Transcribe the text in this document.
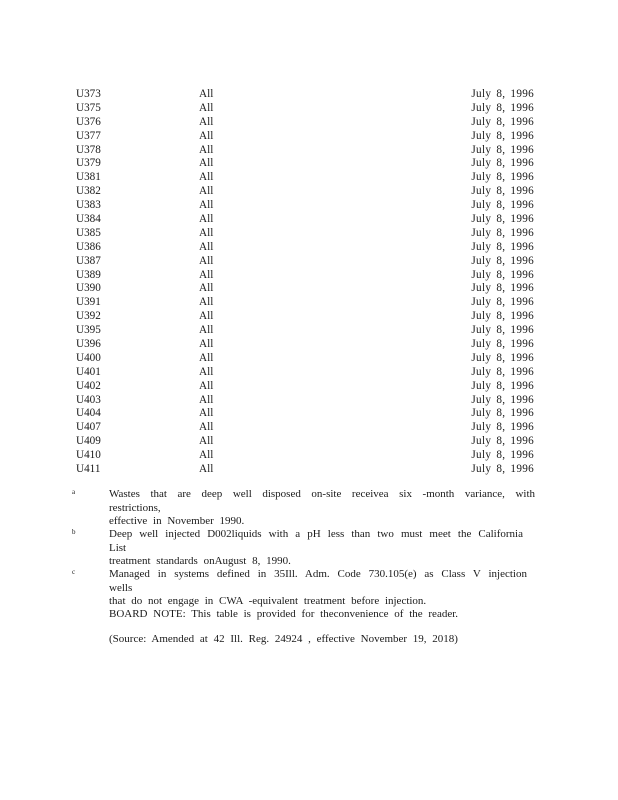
U373	All	July 8, 1996
U375	All	July 8, 1996
U376	All	July 8, 1996
U377	All	July 8, 1996
U378	All	July 8, 1996
U379	All	July 8, 1996
U381	All	July 8, 1996
U382	All	July 8, 1996
U383	All	July 8, 1996
U384	All	July 8, 1996
U385	All	July 8, 1996
U386	All	July 8, 1996
U387	All	July 8, 1996
U389	All	July 8, 1996
U390	All	July 8, 1996
U391	All	July 8, 1996
U392	All	July 8, 1996
U395	All	July 8, 1996
U396	All	July 8, 1996
U400	All	July 8, 1996
U401	All	July 8, 1996
U402	All	July 8, 1996
U403	All	July 8, 1996
U404	All	July 8, 1996
U407	All	July 8, 1996
U409	All	July 8, 1996
U410	All	July 8, 1996
U411	All	July 8, 1996
a	Wastes that are deep well disposed on-site receivea six -month variance, with restrictions,
effective in November 1990.
b	Deep well injected D002liquids with a pH less than two must meet the California List
treatment standards onAugust 8, 1990.
c	Managed in systems defined in 35Ill. Adm. Code 730.105(e) as Class V injection wells
that do not engage in CWA -equivalent treatment before injection.
BOARD NOTE: This table is provided for theconvenience of the reader.
(Source: Amended at 42 Ill. Reg. 24924 , effective November 19, 2018)
